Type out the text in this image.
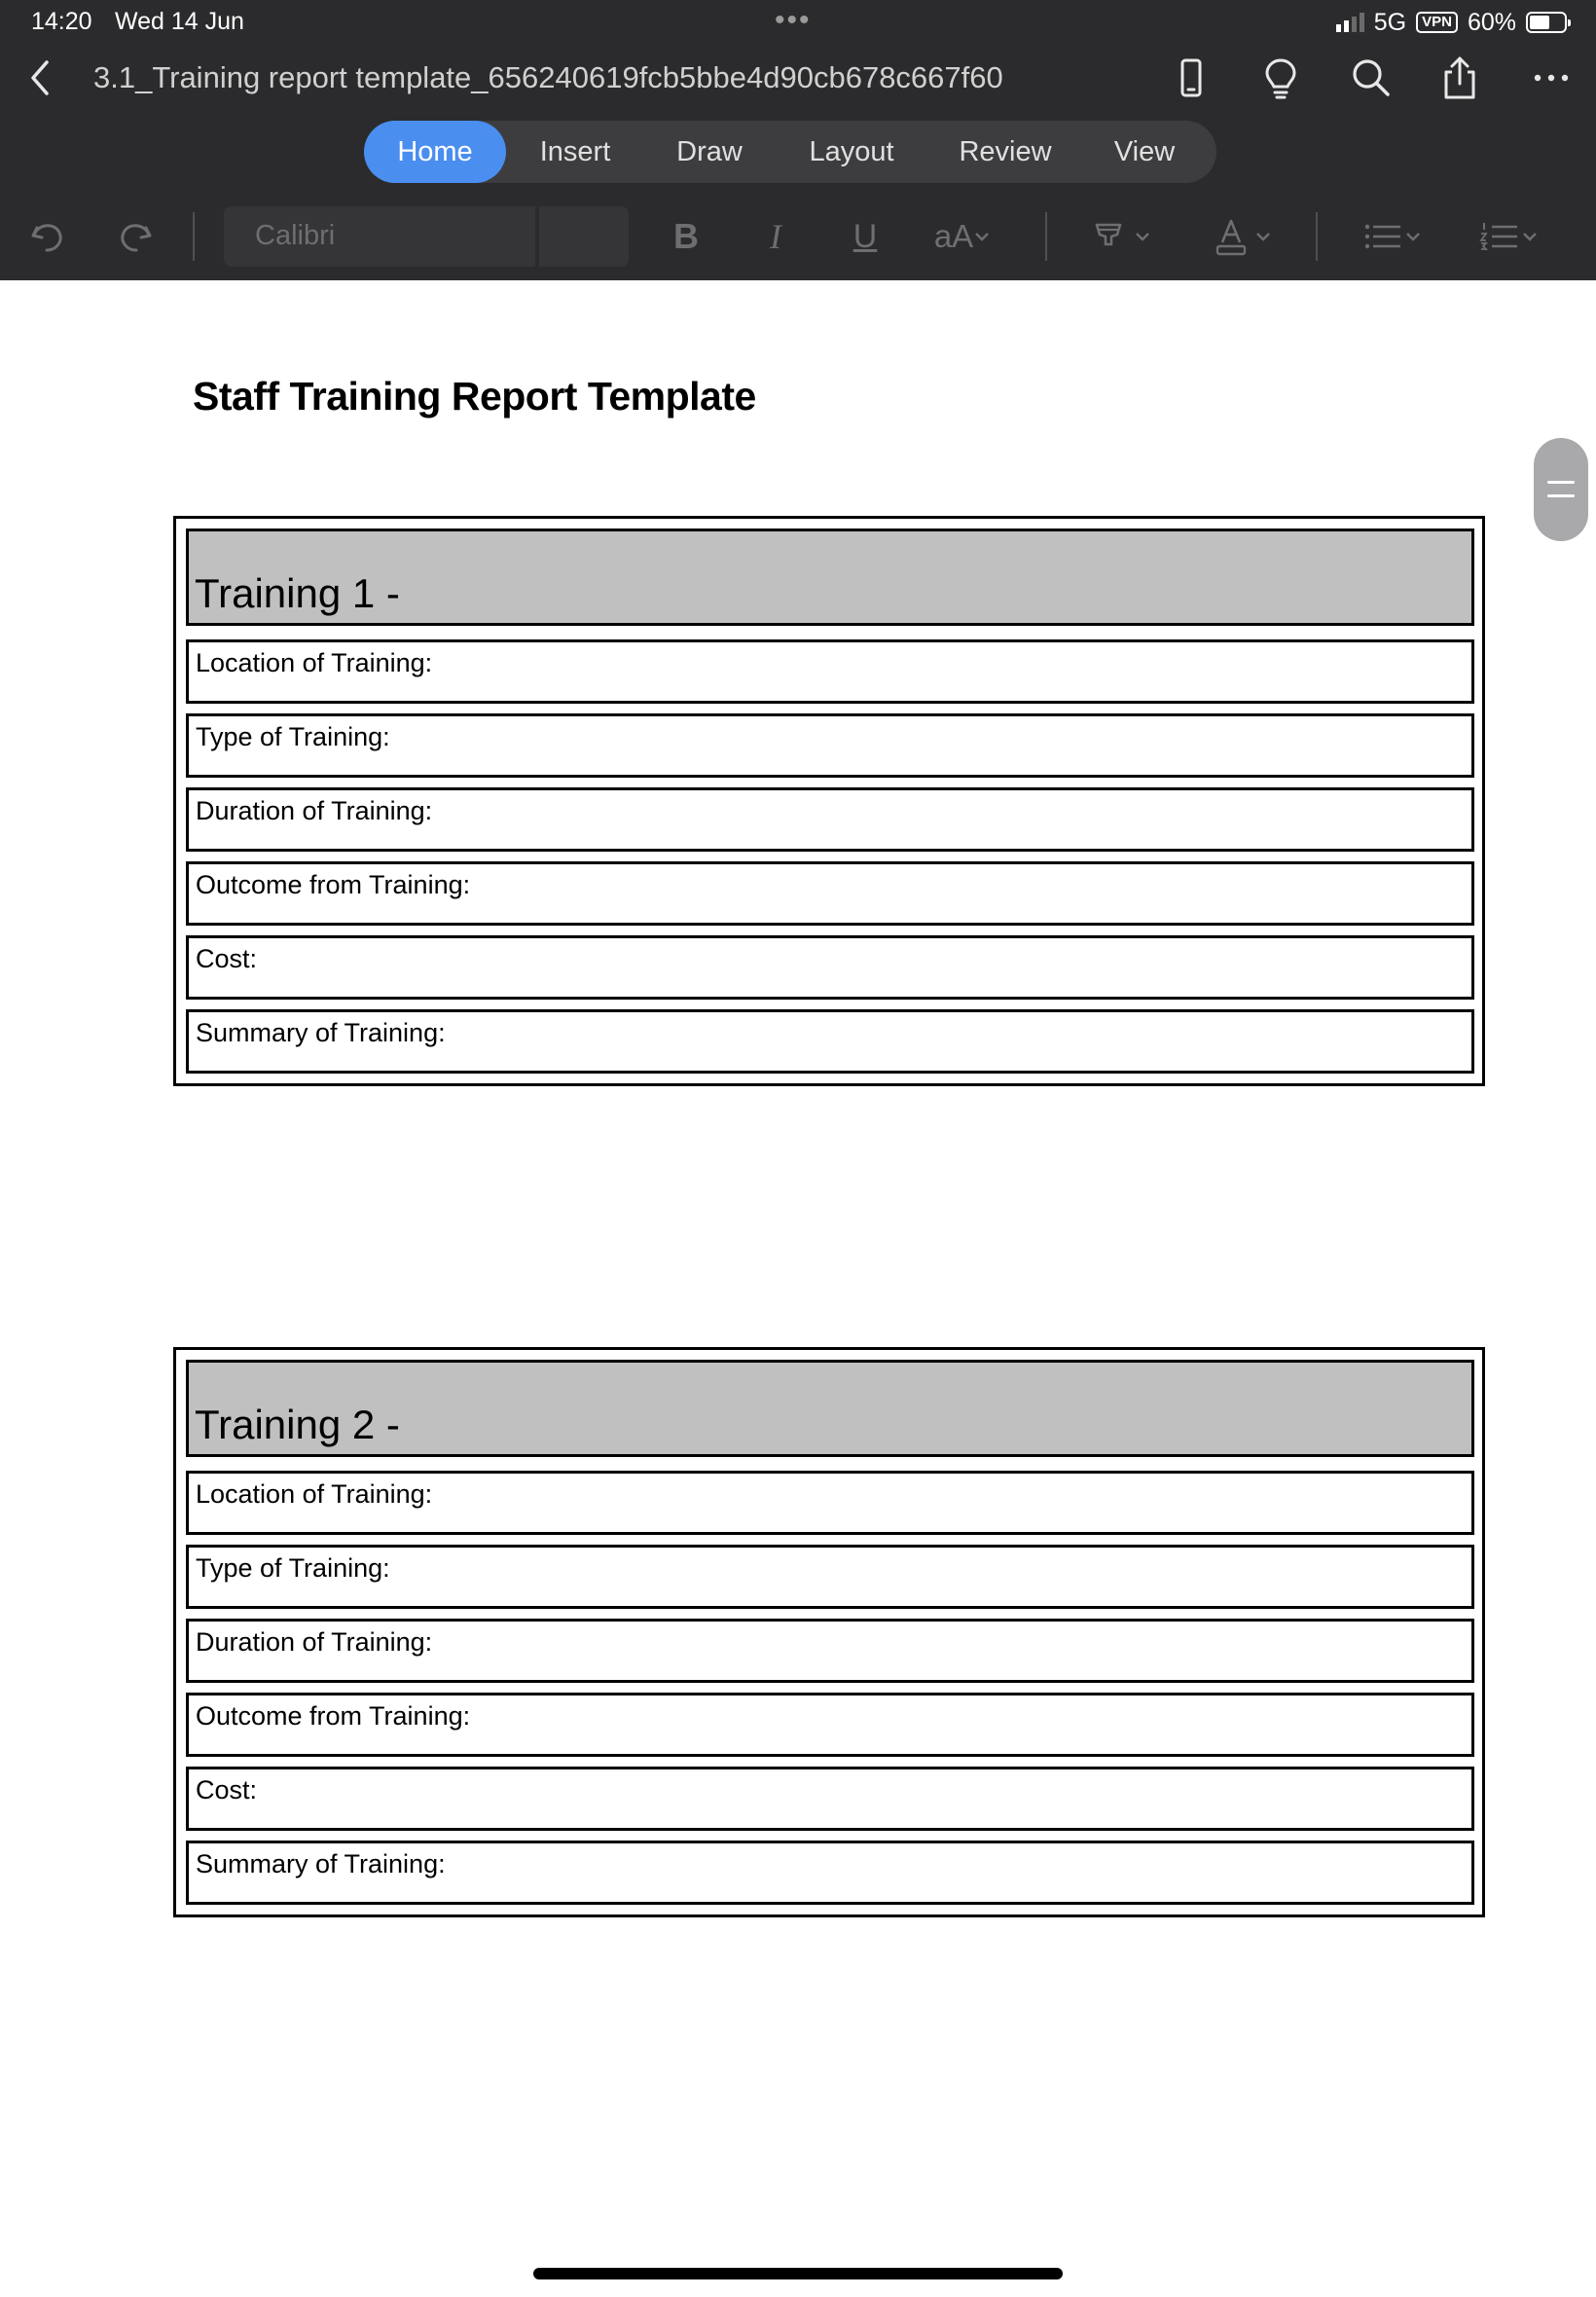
14:20 Wed 14 Jun	•••	5G	VPN 60%
3.1_Training report template_656240619fcb5bbe4d90cb678c667f60
Home	Insert	Draw	Layout	Review	View
Calibri	B	I	U	aA
Staff Training Report Template
Training 1 -
Location of Training:
Type of Training:
Duration of Training:
Outcome from Training:
Cost:
Summary of Training:
Training 2 -
Location of Training:
Type of Training:
Duration of Training:
Outcome from Training:
Cost:
Summary of Training:
